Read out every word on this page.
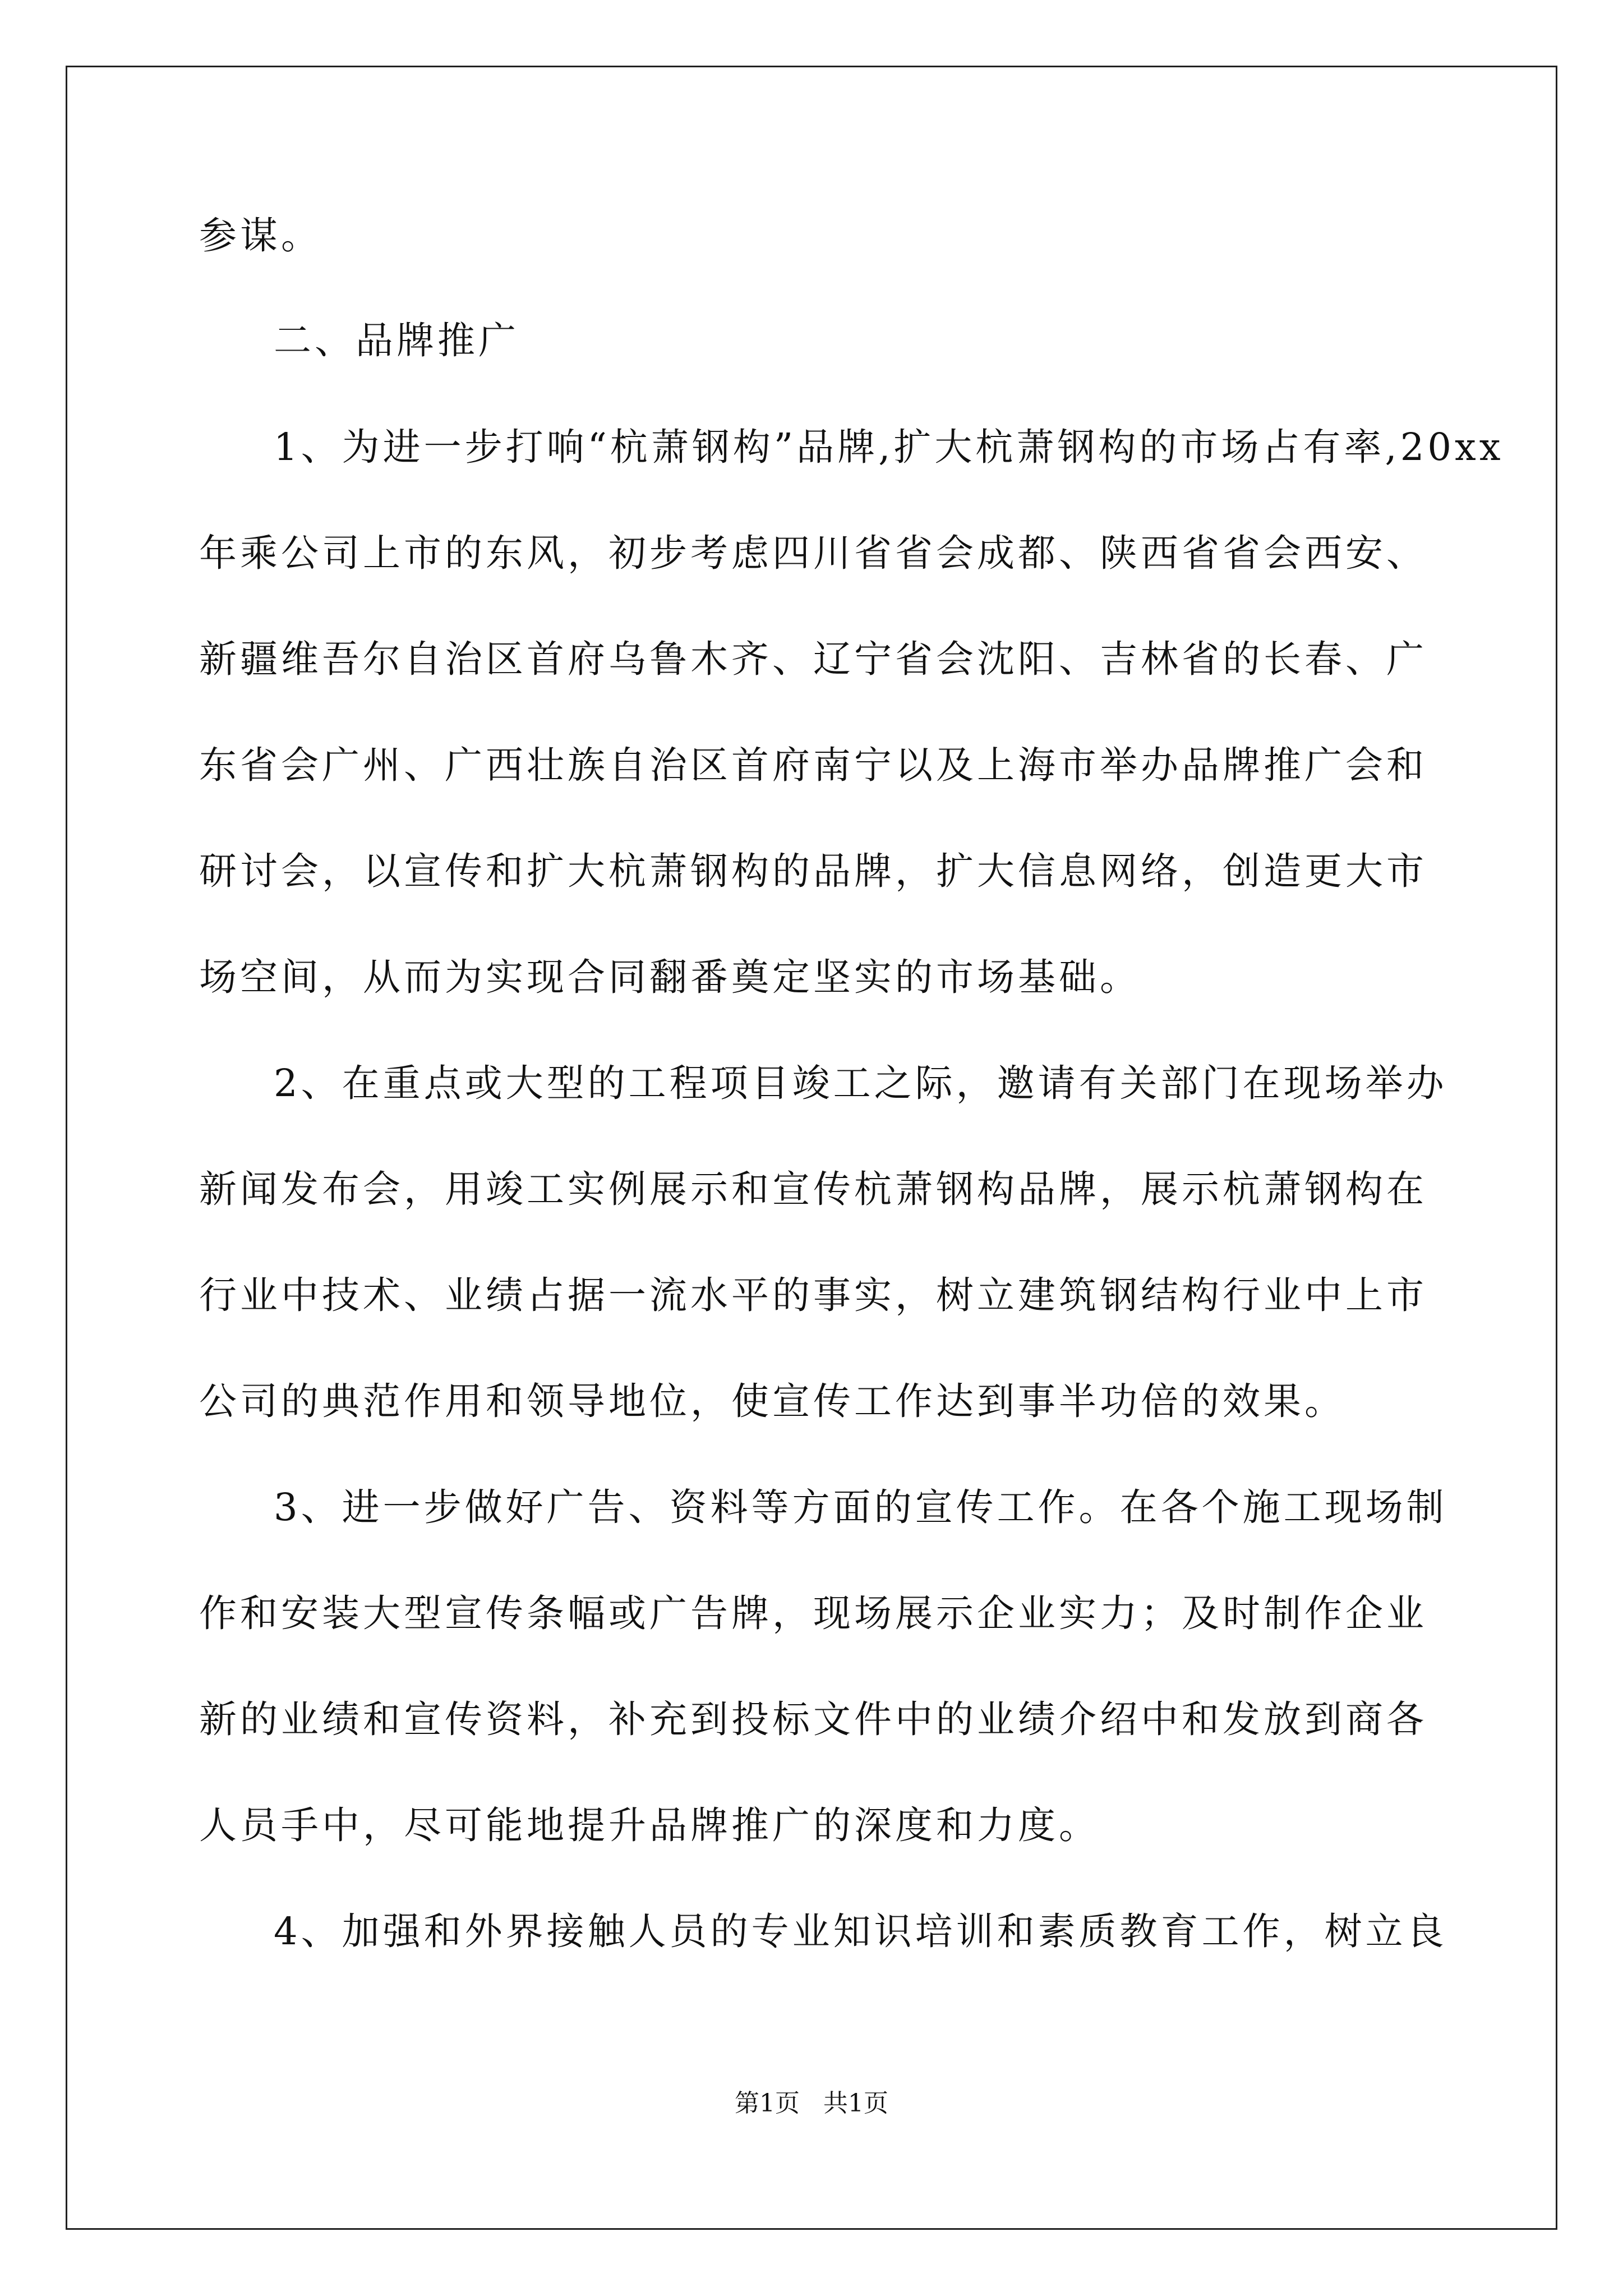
参谋。
二、品牌推广
1、为进一步打响“杭萧钢构”品牌,扩大杭萧钢构的市场占有率,20xx
年乘公司上市的东风，初步考虑四川省省会成都、陕西省省会西安、
新疆维吾尔自治区首府乌鲁木齐、辽宁省会沈阳、吉林省的长春、广
东省会广州、广西壮族自治区首府南宁以及上海市举办品牌推广会和
研讨会，以宣传和扩大杭萧钢构的品牌，扩大信息网络，创造更大市
场空间，从而为实现合同翻番奠定坚实的市场基础。
2、在重点或大型的工程项目竣工之际，邀请有关部门在现场举办
新闻发布会，用竣工实例展示和宣传杭萧钢构品牌，展示杭萧钢构在
行业中技术、业绩占据一流水平的事实，树立建筑钢结构行业中上市
公司的典范作用和领导地位，使宣传工作达到事半功倍的效果。
3、进一步做好广告、资料等方面的宣传工作。在各个施工现场制
作和安装大型宣传条幅或广告牌，现场展示企业实力；及时制作企业
新的业绩和宣传资料，补充到投标文件中的业绩介绍中和发放到商各
人员手中，尽可能地提升品牌推广的深度和力度。
4、加强和外界接触人员的专业知识培训和素质教育工作，树立良
第1页   共1页
